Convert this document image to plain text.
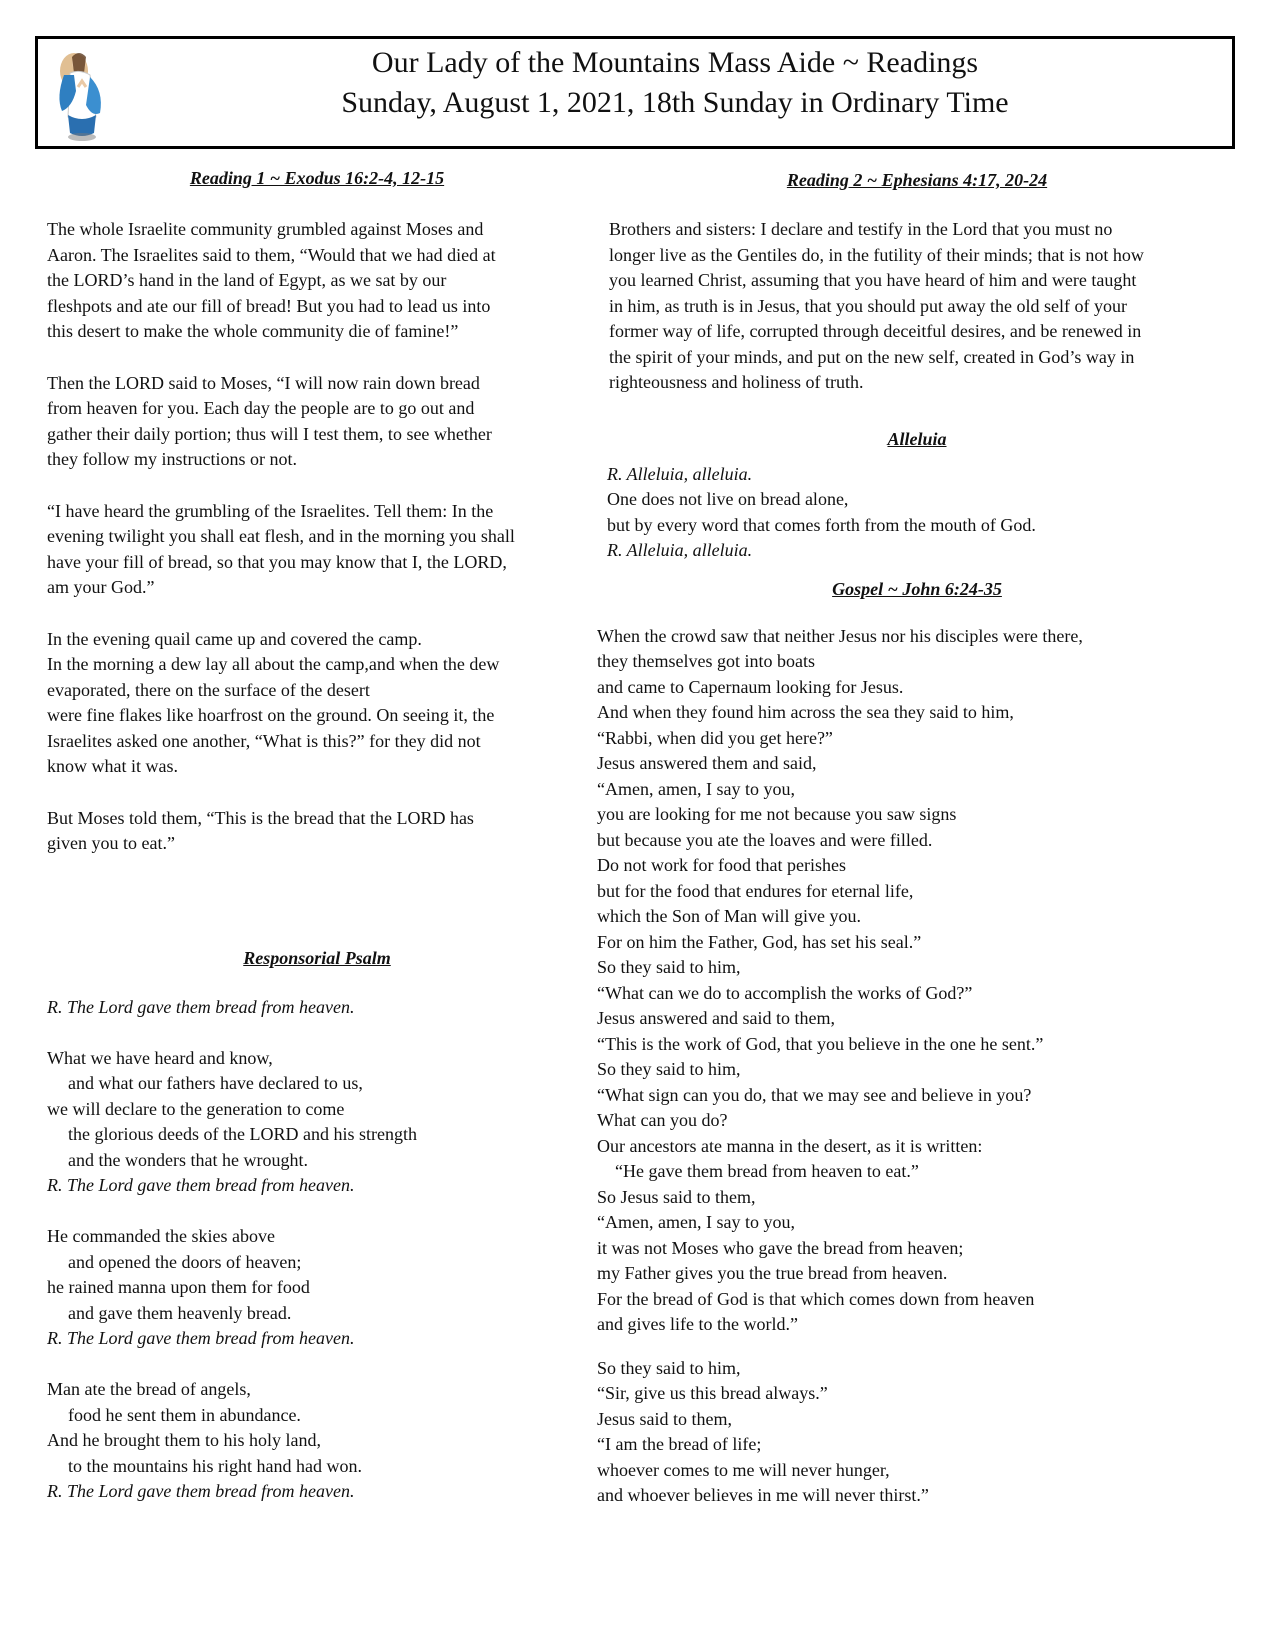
Our Lady of the Mountains Mass Aide ~ Readings
Sunday, August 1, 2021, 18th Sunday in Ordinary Time

Reading 1 ~ Exodus 16:2-4, 12-15

The whole Israelite community grumbled against Moses and
Aaron. The Israelites said to them, “Would that we had died at
the LORD’s hand in the land of Egypt, as we sat by our
fleshpots and ate our fill of bread! But you had to lead us into
this desert to make the whole community die of famine!”

Then the LORD said to Moses, “I will now rain down bread
from heaven for you. Each day the people are to go out and
gather their daily portion; thus will I test them, to see whether
they follow my instructions or not.

“I have heard the grumbling of the Israelites. Tell them: In the
evening twilight you shall eat flesh, and in the morning you shall
have your fill of bread, so that you may know that I, the LORD,
am your God.”

In the evening quail came up and covered the camp.
In the morning a dew lay all about the camp,and when the dew
evaporated, there on the surface of the desert
were fine flakes like hoarfrost on the ground. On seeing it, the
Israelites asked one another, “What is this?” for they did not
know what it was.

But Moses told them, “This is the bread that the LORD has
given you to eat.”

Responsorial Psalm

R. The Lord gave them bread from heaven.

What we have heard and know,
and what our fathers have declared to us,
we will declare to the generation to come
the glorious deeds of the LORD and his strength
and the wonders that he wrought.
R. The Lord gave them bread from heaven.

He commanded the skies above
and opened the doors of heaven;
he rained manna upon them for food
and gave them heavenly bread.
R. The Lord gave them bread from heaven.

Man ate the bread of angels,
food he sent them in abundance.
And he brought them to his holy land,
to the mountains his right hand had won.
R. The Lord gave them bread from heaven.

Reading 2 ~ Ephesians 4:17, 20-24

Brothers and sisters: I declare and testify in the Lord that you must no
longer live as the Gentiles do, in the futility of their minds; that is not how
you learned Christ, assuming that you have heard of him and were taught
in him, as truth is in Jesus, that you should put away the old self of your
former way of life, corrupted through deceitful desires, and be renewed in
the spirit of your minds, and put on the new self, created in God’s way in
righteousness and holiness of truth.

Alleluia

R. Alleluia, alleluia.
One does not live on bread alone,
but by every word that comes forth from the mouth of God.
R. Alleluia, alleluia.

Gospel ~ John 6:24-35

When the crowd saw that neither Jesus nor his disciples were there,
they themselves got into boats
and came to Capernaum looking for Jesus.
And when they found him across the sea they said to him,
“Rabbi, when did you get here?”
Jesus answered them and said,
“Amen, amen, I say to you,
you are looking for me not because you saw signs
but because you ate the loaves and were filled.
Do not work for food that perishes
but for the food that endures for eternal life,
which the Son of Man will give you.
For on him the Father, God, has set his seal.”
So they said to him,
“What can we do to accomplish the works of God?”
Jesus answered and said to them,
“This is the work of God, that you believe in the one he sent.”
So they said to him,
“What sign can you do, that we may see and believe in you?
What can you do?
Our ancestors ate manna in the desert, as it is written:
“He gave them bread from heaven to eat.”
So Jesus said to them,
“Amen, amen, I say to you,
it was not Moses who gave the bread from heaven;
my Father gives you the true bread from heaven.
For the bread of God is that which comes down from heaven
and gives life to the world.”

So they said to him,
“Sir, give us this bread always.”
Jesus said to them,
“I am the bread of life;
whoever comes to me will never hunger,
and whoever believes in me will never thirst.”
